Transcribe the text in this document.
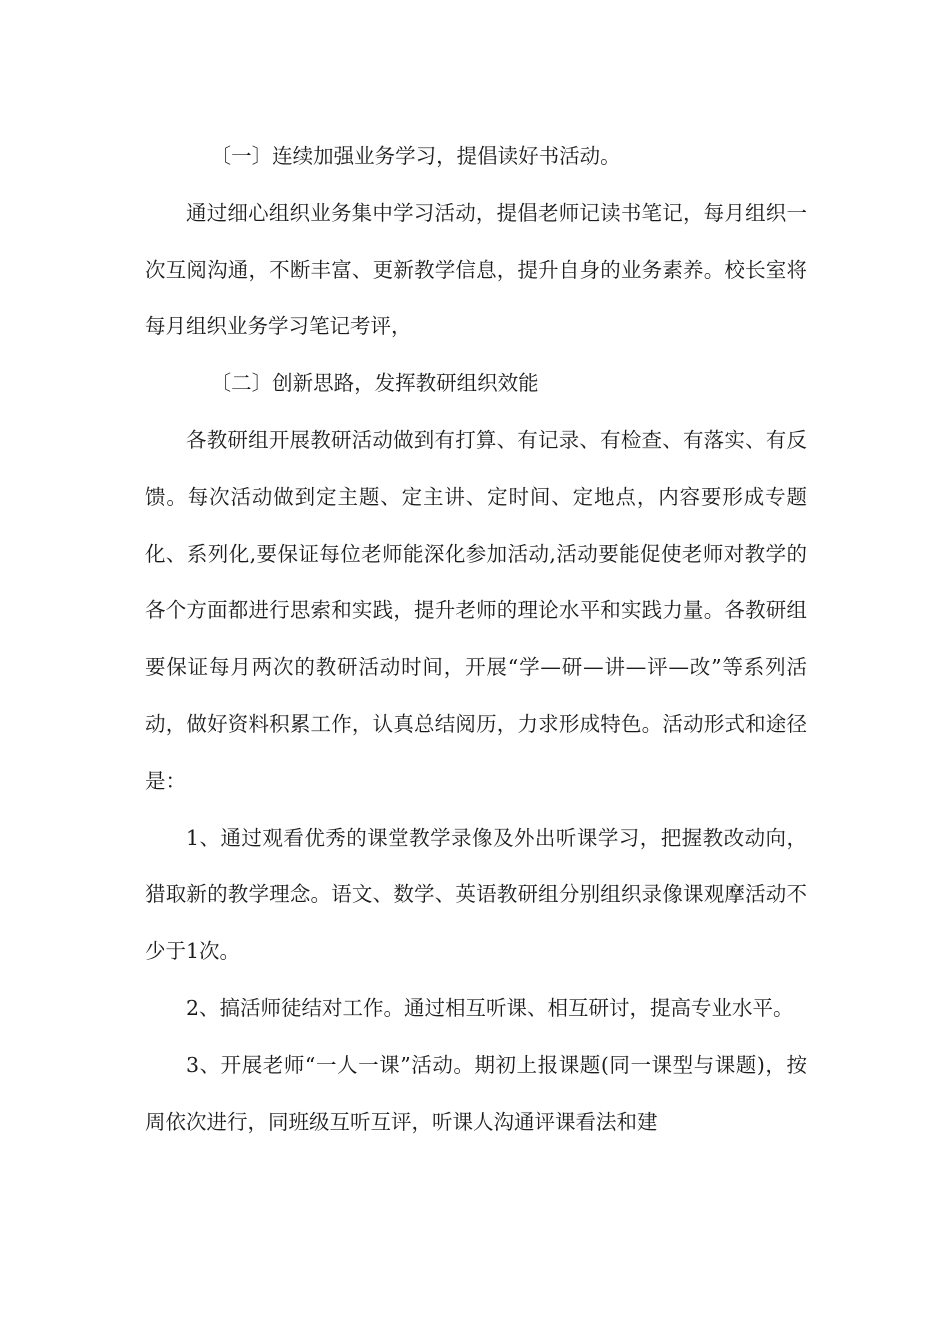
〔一〕连续加强业务学习，提倡读好书活动。

通过细心组织业务集中学习活动，提倡老师记读书笔记，每月组织一次互阅沟通，不断丰富、更新教学信息，提升自身的业务素养。校长室将每月组织业务学习笔记考评，

〔二〕创新思路，发挥教研组织效能

各教研组开展教研活动做到有打算、有记录、有检查、有落实、有反馈。每次活动做到定主题、定主讲、定时间、定地点，内容要形成专题化、系列化,要保证每位老师能深化参加活动,活动要能促使老师对教学的各个方面都进行思索和实践，提升老师的理论水平和实践力量。各教研组要保证每月两次的教研活动时间，开展“学—研—讲—评—改”等系列活动，做好资料积累工作，认真总结阅历，力求形成特色。活动形式和途径是：

1、通过观看优秀的课堂教学录像及外出听课学习，把握教改动向，猎取新的教学理念。语文、数学、英语教研组分别组织录像课观摩活动不少于1次。

2、搞活师徒结对工作。通过相互听课、相互研讨，提高专业水平。

3、开展老师“一人一课”活动。期初上报课题(同一课型与课题)，按周依次进行，同班级互听互评，听课人沟通评课看法和建
